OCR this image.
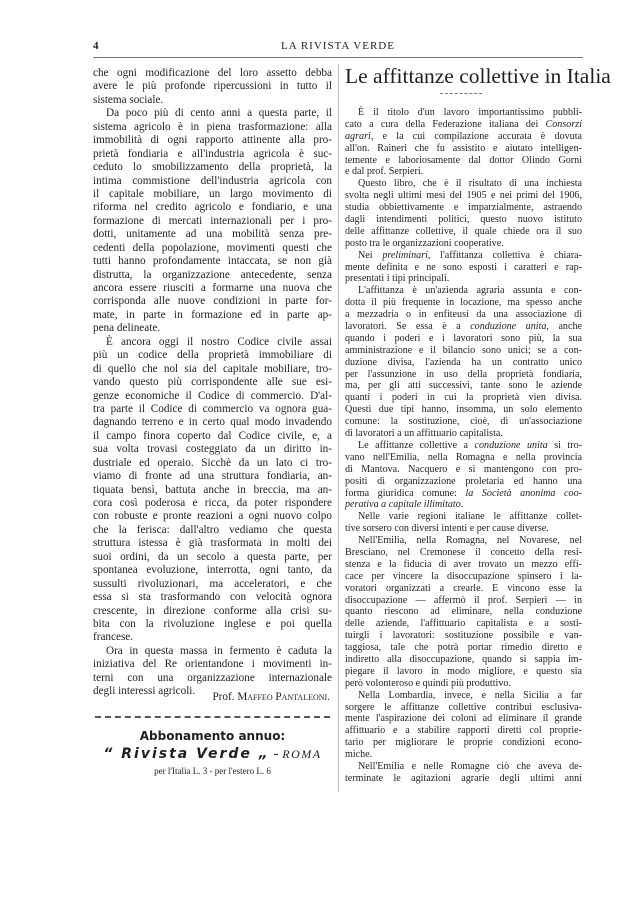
4	LA RIVISTA VERDE
che ogni modificazione del loro assetto debba
avere le più profonde ripercussioni in tutto il
sistema sociale.
Da poco più di cento anni a questa parte, il
sistema agricolo è in piena trasformazione: alla
immobilità di ogni rapporto attinente alla pro-
prietà fondiaria e all'industria agricola è suc-
ceduto lo smobilizzamento della proprietà, la
intima commistione dell'industria agricola con
il capitale mobiliare, un largo movimento di
riforma nel credito agricolo e fondiario, e una
formazione di mercati internazionali per i pro-
dotti, unitamente ad una mobilità senza pre-
cedenti della popolazione, movimenti questi che
tutti hanno profondamente intaccata, se non già
distrutta, la organizzazione antecedente, senza
ancora essere riusciti a formarne una nuova che
corrisponda alle nuove condizioni in parte for-
mate, in parte in formazione ed in parte ap-
pena delineate.
È ancora oggi il nostro Codice civile assai
più un codice della proprietà immobiliare di
di quello che nol sia del capitale mobiliare, tro-
vando questo più corrispondente alle sue esi-
genze economiche il Codice di commercio. D'al-
tra parte il Codice di commercio va ognora gua-
dagnando terreno e in certo qual modo invadendo
il campo finora coperto dal Codice civile, e, a
sua volta trovasi costeggiato da un diritto in-
dustriale ed operaio. Sicchè da un lato ci tro-
viamo di fronte ad una struttura fondiaria, an-
tiquata bensì, battuta anche in breccia, ma an-
cora così poderosa e ricca, da poter rispondere
con robuste e pronte reazioni a ogni nuovo colpo
che la ferisca: dall'altro vediamo che questa
struttura istessa è già trasformata in molti dei
suoi ordini, da un secolo a questa parte, per
spontanea evoluzione, interrotta, ogni tanto, da
sussulti rivoluzionari, ma acceleratori, e che
essa si sta trasformando con velocità ognora
crescente, in direzione conforme alla crisi su-
bita con la rivoluzione inglese e poi quella
francese.
Ora in questa massa in fermento è caduta la
iniziativa del Re orientandone i movimenti in-
terni con una organizzazione internazionale
degli interessi agricoli.	Prof. Maffeo Pantaleoni.
Abbonamento annuo:
“ Rivista Verde „ - ROMA
per l'Italia L. 3 - per l'estero L. 6
Le affittanze collettive in Italia
È il titolo d'un lavoro importantissimo pubbli-
cato a cura della Federazione italiana dei Consorzi
agrari, e la cui compilazione accurata è dovuta
all'on. Raineri che fu assistito e aiutato intelligen-
temente e laboriosamente dal dottor Olindo Gorni
e dal prof. Serpieri.
Questo libro, che è il risultato di una inchiesta
svolta negli ultimi mesi del 1905 e nei primi del 1906,
studia obbiettivamente e imparzialmente, astraendo
dagli intendimenti politici, questo nuovo istituto
delle affittanze collettive, il quale chiede ora il suo
posto tra le organizzazioni cooperative.
Nei preliminari, l'affittanza collettiva è chiara-
mente definita e ne sono esposti i caratteri e rap-
presentati i tipi principali.
L'affittanza è un'azienda agraria assunta e con-
dotta il più frequente in locazione, ma spesso anche
a mezzadria o in enfiteusi da una associazione di
lavoratori. Se essa è a conduzione unita, anche
quando i poderi e i lavoratori sono più, la sua
amministrazione e il bilancio sono unici; se a con-
duzione divisa, l'azienda ha un contratto unico
per l'assunzione in uso della proprietà fondiaria,
ma, per gli atti successivi, tante sono le aziende
quanti i poderi in cui la proprietà vien divisa.
Questi due tipi hanno, insomma, un solo elemento
comune: la sostituzione, cioè, di un'associazione
di lavoratori a un affittuario capitalista.
Le affittanze collettive a conduzione unita si tro-
vano nell'Emilia, nella Romagna e nella provincia
di Mantova. Nacquero e si mantengono con pro-
positi di organizzazione proletaria ed hanno una
forma giuridica comune: la Società anonima coo-
perativa a capitale illimitato.
Nelle varie regioni italiane le affittanze collet-
tive sorsero con diversi intenti e per cause diverse.
Nell'Emilia, nella Romagna, nel Novarese, nel
Bresciano, nel Cremonese il concetto della resi-
stenza e la fiducia di aver trovato un mezzo effi-
cace per vincere la disoccupazione spinsero i la-
voratori organizzati a crearle. E vincono esse la
disoccupazione — affermò il prof. Serpieri — in
quanto riescono ad eliminare, nella conduzione
delle aziende, l'affittuario capitalista e a sosti-
tuirgli i lavoratori: sostituzione possibile e van-
taggiosa, tale che potrà portar rimedio diretto e
indiretto alla disoccupazione, quando si sappia im-
piegare il lavoro in modo migliore, e questo sia
però volonteroso e quindi più produttivo.
Nella Lombardia, invece, e nella Sicilia a far
sorgere le affittanze collettive contribuì esclusiva-
mente l'aspirazione dei coloni ad eliminare il grande
affittuario e a stabilire rapporti diretti col proprie-
tario per migliorare le proprie condizioni econo-
miche.
Nell'Emilia e nelle Romagne ciò che aveva de-
terminate le agitazioni agrarie degli ultimi anni
